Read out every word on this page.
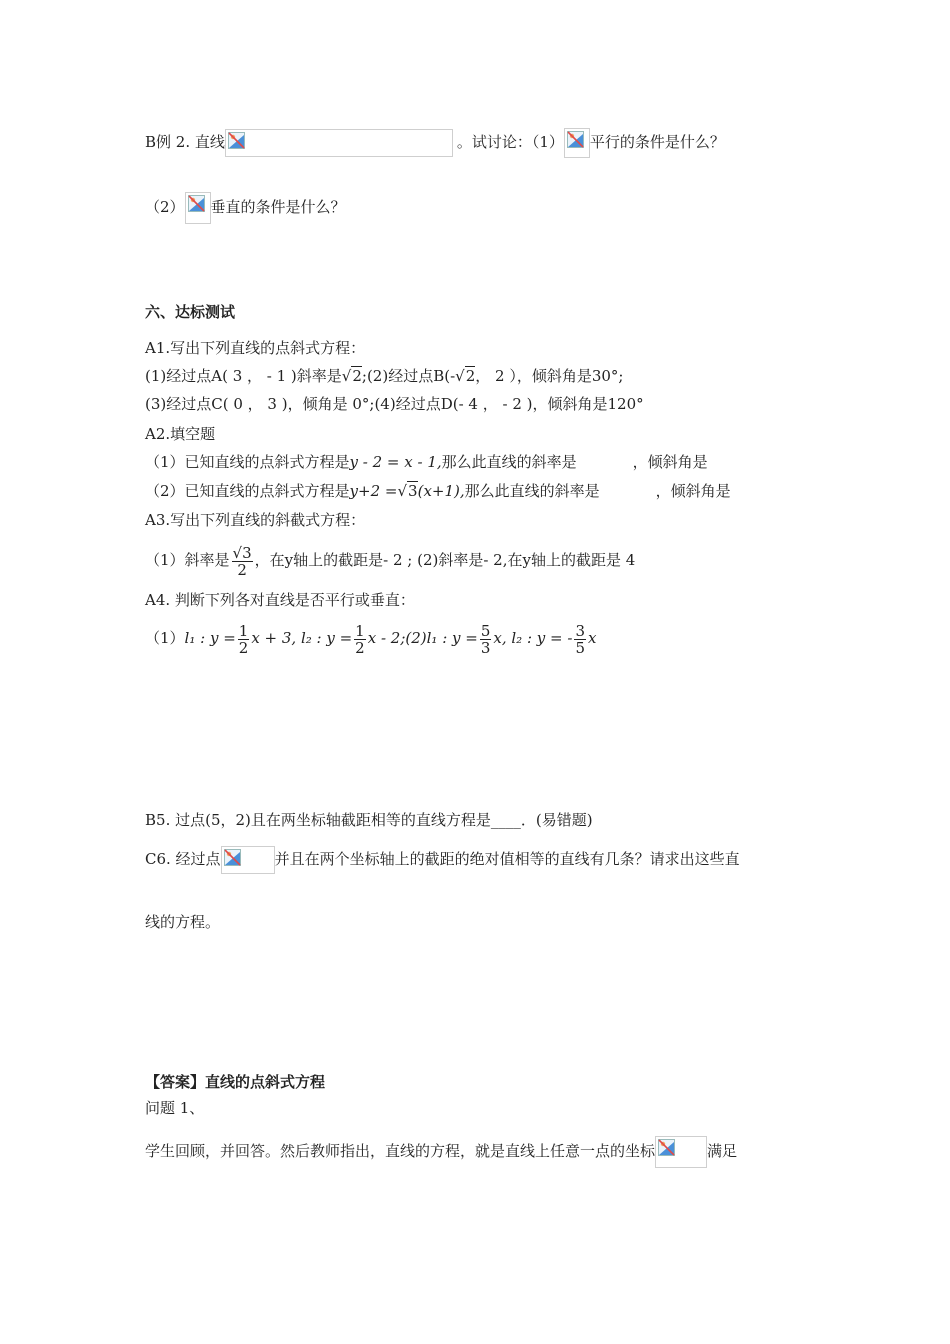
B例 2. 直线	。试讨论：（1） 平行的条件是什么？
（2） 垂直的条件是什么？
六、达标测试
A1.写出下列直线的点斜式方程：
(1)经过点A( 3 ， - 1 )斜率是√2;(2)经过点B(-√2， 2 ），倾斜角是30°;
(3)经过点C( 0 ， 3 )，倾角是 0°;(4)经过点D(- 4 ， - 2 )，倾斜角是120°
A2.填空题
（1）已知直线的点斜式方程是y - 2 = x - 1,那么此直线的斜率是	，倾斜角是
（2）已知直线的点斜式方程是y+2 =√3(x+1),那么此直线的斜率是	，倾斜角是
A3.写出下列直线的斜截式方程：
（1）斜率是 $\frac{√3}{2}$ ，在y轴上的截距是- 2 ; (2)斜率是- 2,在y轴上的截距是 4
A4. 判断下列各对直线是否平行或垂直：
（1）l₁ : $y = \frac{1}{2}$ x + 3, l₂ : $y = \frac{1}{2}$ x - 2;(2)l₁ : $y = \frac{5}{3} x$, l₂ : y = - $\frac{3}{5}$ x
B5. 过点(5，2)且在两坐标轴截距相等的直线方程是____．(易错题)
C6. 经过点	并且在两个坐标轴上的截距的绝对值相等的直线有几条？请求出这些直
线的方程。
【答案】直线的点斜式方程
问题 1、
学生回顾，并回答。然后教师指出，直线的方程，就是直线上任意一点的坐标	满足
